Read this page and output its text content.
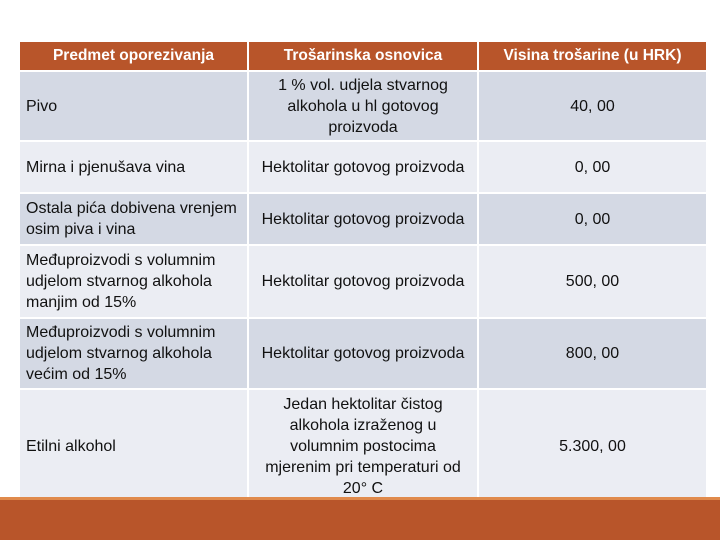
Predmet oporezivanja	Trošarinska osnovica	Visina trošarine (u HRK)
Pivo	1 % vol. udjela stvarnog alkohola u hl gotovog proizvoda	40, 00
Mirna i pjenušava vina	Hektolitar gotovog proizvoda	0, 00
Ostala pića dobivena vrenjem osim piva i vina	Hektolitar gotovog proizvoda	0, 00
Međuproizvodi s volumnim udjelom stvarnog alkohola manjim od 15%	Hektolitar gotovog proizvoda	500, 00
Međuproizvodi s volumnim udjelom stvarnog alkohola većim od 15%	Hektolitar gotovog proizvoda	800, 00
Etilni alkohol	Jedan hektolitar čistog alkohola izraženog u volumnim postocima mjerenim pri temperaturi od 20° C	5.300, 00
